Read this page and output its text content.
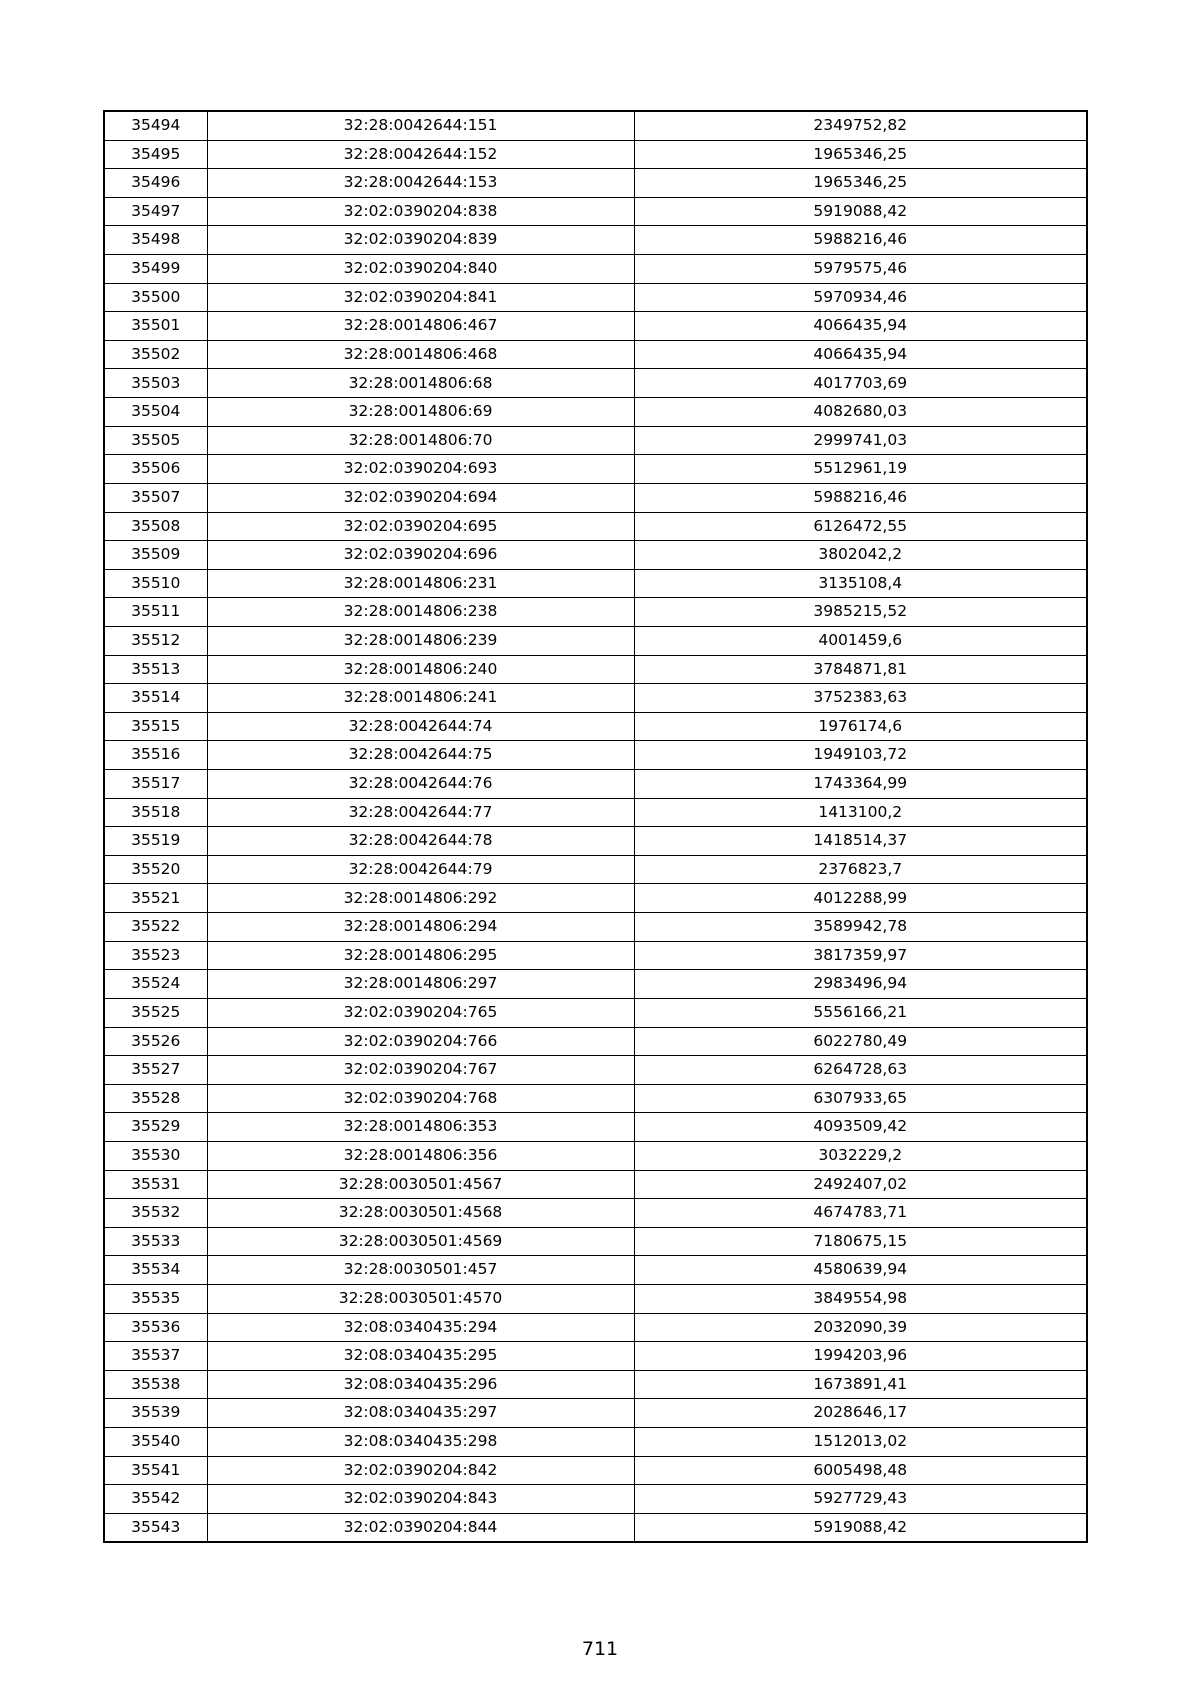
35494	32:28:0042644:151	2349752,82
35495	32:28:0042644:152	1965346,25
35496	32:28:0042644:153	1965346,25
35497	32:02:0390204:838	5919088,42
35498	32:02:0390204:839	5988216,46
35499	32:02:0390204:840	5979575,46
35500	32:02:0390204:841	5970934,46
35501	32:28:0014806:467	4066435,94
35502	32:28:0014806:468	4066435,94
35503	32:28:0014806:68	4017703,69
35504	32:28:0014806:69	4082680,03
35505	32:28:0014806:70	2999741,03
35506	32:02:0390204:693	5512961,19
35507	32:02:0390204:694	5988216,46
35508	32:02:0390204:695	6126472,55
35509	32:02:0390204:696	3802042,2
35510	32:28:0014806:231	3135108,4
35511	32:28:0014806:238	3985215,52
35512	32:28:0014806:239	4001459,6
35513	32:28:0014806:240	3784871,81
35514	32:28:0014806:241	3752383,63
35515	32:28:0042644:74	1976174,6
35516	32:28:0042644:75	1949103,72
35517	32:28:0042644:76	1743364,99
35518	32:28:0042644:77	1413100,2
35519	32:28:0042644:78	1418514,37
35520	32:28:0042644:79	2376823,7
35521	32:28:0014806:292	4012288,99
35522	32:28:0014806:294	3589942,78
35523	32:28:0014806:295	3817359,97
35524	32:28:0014806:297	2983496,94
35525	32:02:0390204:765	5556166,21
35526	32:02:0390204:766	6022780,49
35527	32:02:0390204:767	6264728,63
35528	32:02:0390204:768	6307933,65
35529	32:28:0014806:353	4093509,42
35530	32:28:0014806:356	3032229,2
35531	32:28:0030501:4567	2492407,02
35532	32:28:0030501:4568	4674783,71
35533	32:28:0030501:4569	7180675,15
35534	32:28:0030501:457	4580639,94
35535	32:28:0030501:4570	3849554,98
35536	32:08:0340435:294	2032090,39
35537	32:08:0340435:295	1994203,96
35538	32:08:0340435:296	1673891,41
35539	32:08:0340435:297	2028646,17
35540	32:08:0340435:298	1512013,02
35541	32:02:0390204:842	6005498,48
35542	32:02:0390204:843	5927729,43
35543	32:02:0390204:844	5919088,42
711
